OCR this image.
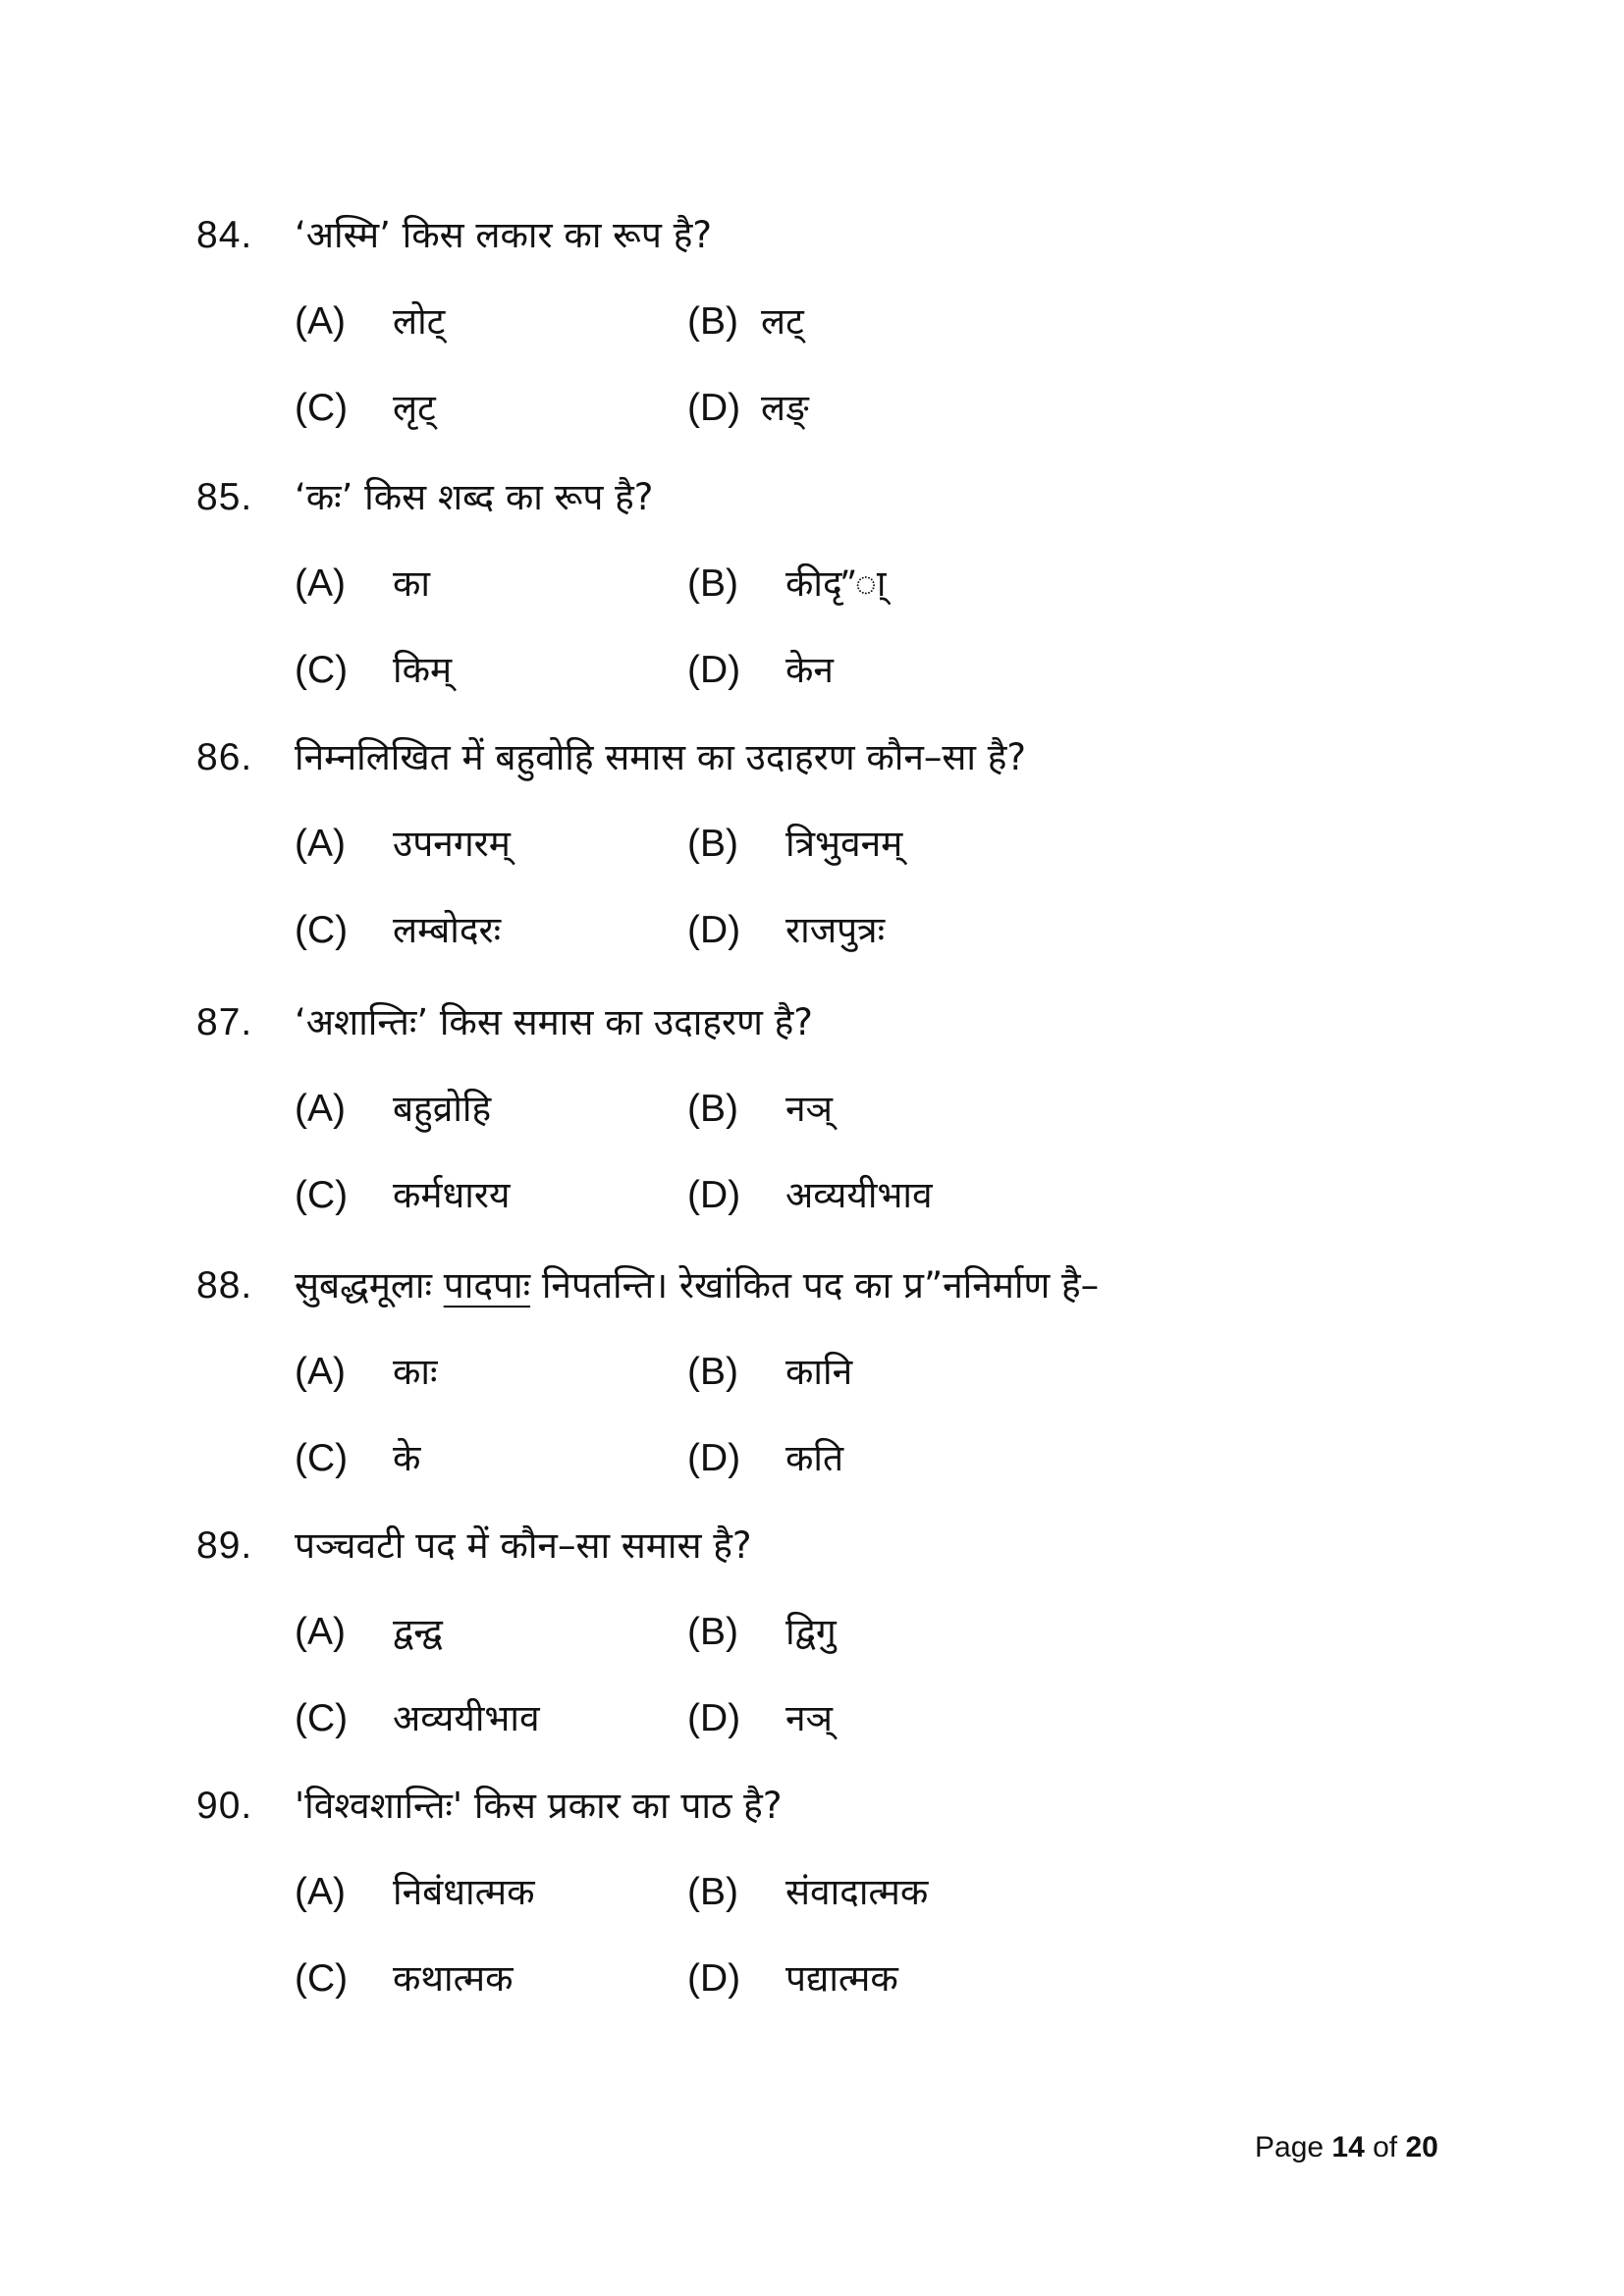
84. ‘अस्मि’ किस लकार का रूप है?
(A) लोट्	(B) लट्
(C) लृट्	(D) लङ्
85. ‘कः’ किस शब्द का रूप है?
(A) का	(B) कीदृ”ा्
(C) किम्	(D) केन
86. निम्नलिखित में बहुवोहि समास का उदाहरण कौन–सा है?
(A) उपनगरम्	(B) त्रिभुवनम्
(C) लम्बोदरः	(D) राजपुत्रः
87. ‘अशान्तिः’ किस समास का उदाहरण है?
(A) बहुव्रोहि	(B) नञ्
(C) कर्मधारय	(D) अव्ययीभाव
88. सुबद्धमूलाः पादपाः निपतन्ति। रेखांकित पद का प्र”ननिर्माण है–
(A) काः	(B) कानि
(C) के	(D) कति
89. पञ्चवटी पद में कौन–सा समास है?
(A) द्वन्द्व	(B) द्विगु
(C) अव्ययीभाव	(D) नञ्
90. 'विश्वशान्तिः' किस प्रकार का पाठ है?
(A) निबंधात्मक	(B) संवादात्मक
(C) कथात्मक	(D) पद्यात्मक
Page 14 of 20
